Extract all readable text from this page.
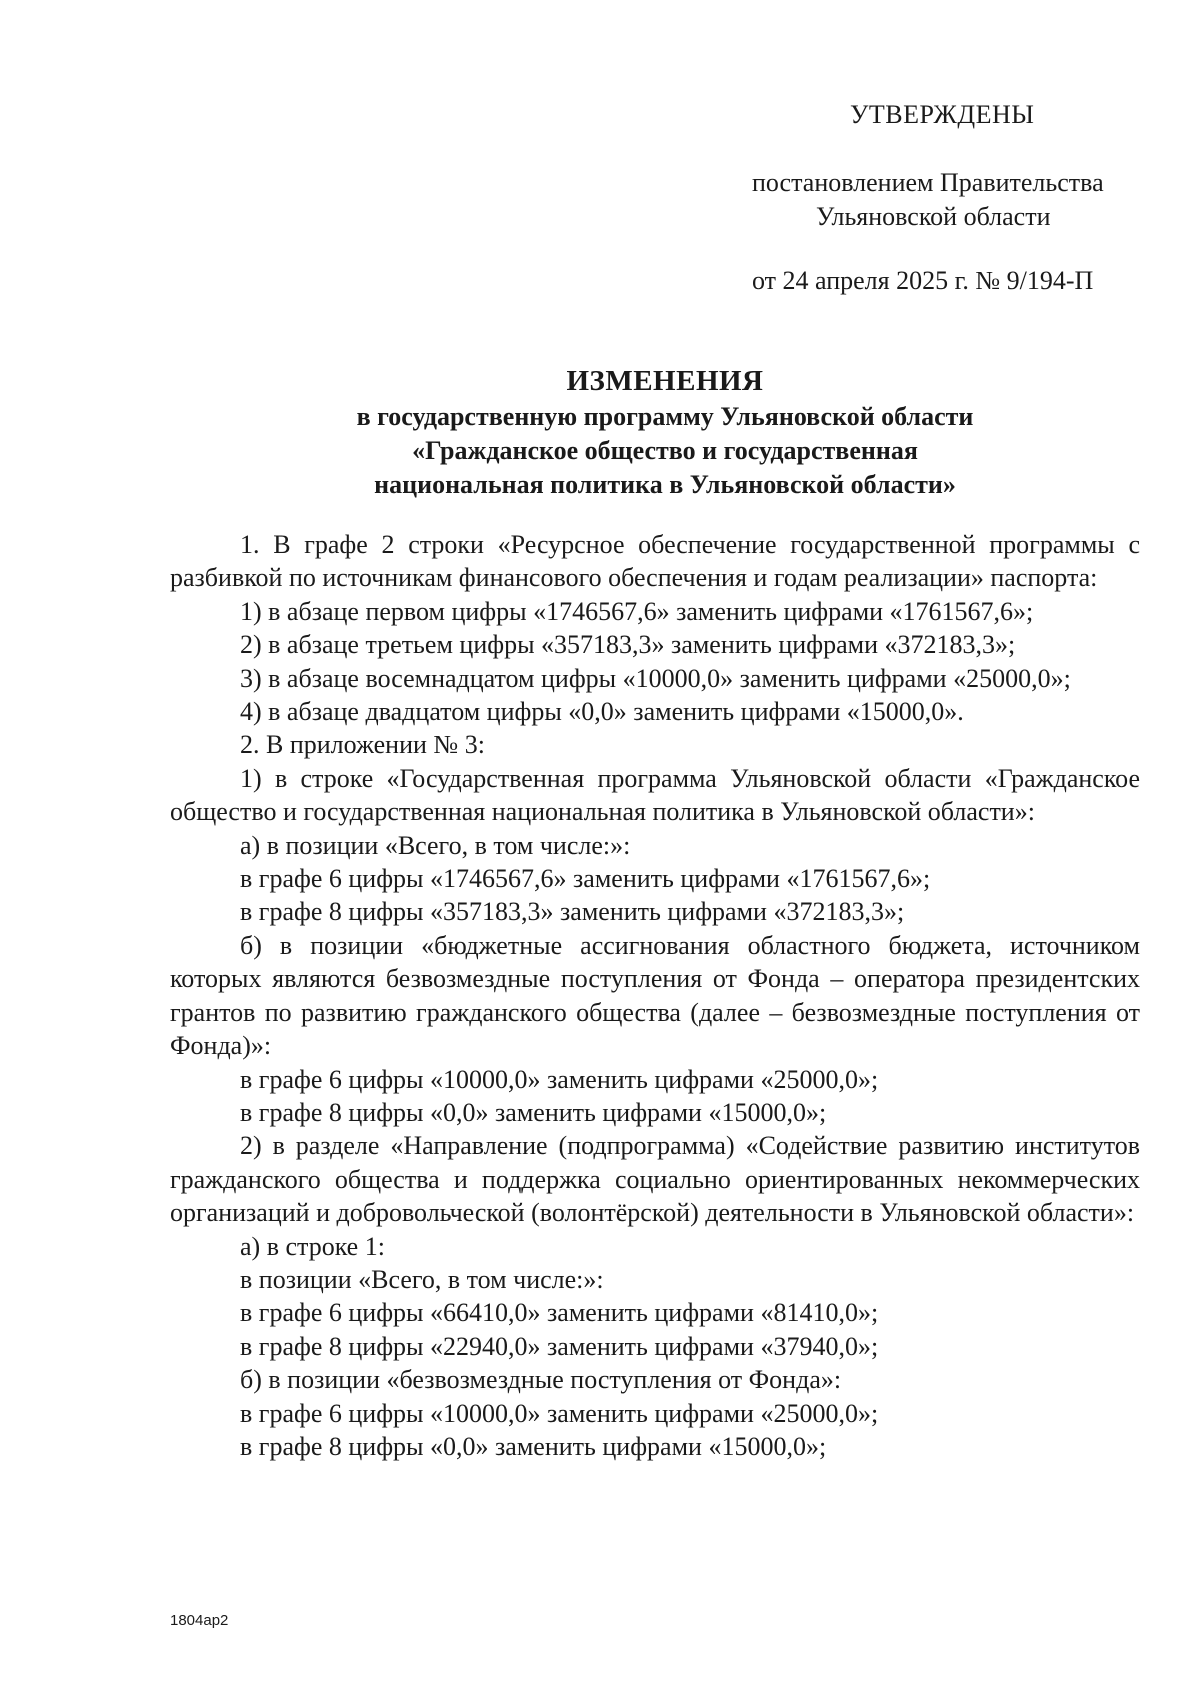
УТВЕРЖДЕНЫ
постановлением Правительства
Ульяновской области
от 24 апреля 2025 г. № 9/194-П
ИЗМЕНЕНИЯ
в государственную программу Ульяновской области
«Гражданское общество и государственная
национальная политика в Ульяновской области»

1. В графе 2 строки «Ресурсное обеспечение государственной программы с разбивкой по источникам финансового обеспечения и годам реализации» паспорта:

1) в абзаце первом цифры «1746567,6» заменить цифрами «1761567,6»;

2) в абзаце третьем цифры «357183,3» заменить цифрами «372183,3»;

3) в абзаце восемнадцатом цифры «10000,0» заменить цифрами «25000,0»;

4) в абзаце двадцатом цифры «0,0» заменить цифрами «15000,0».

2. В приложении № 3:

1) в строке «Государственная программа Ульяновской области «Гражданское общество и государственная национальная политика в Ульяновской области»:

а) в позиции «Всего, в том числе:»:

в графе 6 цифры «1746567,6» заменить цифрами «1761567,6»;

в графе 8 цифры «357183,3» заменить цифрами «372183,3»;

б) в позиции «бюджетные ассигнования областного бюджета, источником которых являются безвозмездные поступления от Фонда – оператора президентских грантов по развитию гражданского общества (далее – безвозмездные поступления от Фонда)»:

в графе 6 цифры «10000,0» заменить цифрами «25000,0»;

в графе 8 цифры «0,0» заменить цифрами «15000,0»;

2) в разделе «Направление (подпрограмма) «Содействие развитию институтов гражданского общества и поддержка социально ориентированных некоммерческих организаций и добровольческой (волонтёрской) деятельности в Ульяновской области»:

а) в строке 1:

в позиции «Всего, в том числе:»:

в графе 6 цифры «66410,0» заменить цифрами «81410,0»;

в графе 8 цифры «22940,0» заменить цифрами «37940,0»;

б) в позиции «безвозмездные поступления от Фонда»:

в графе 6 цифры «10000,0» заменить цифрами «25000,0»;

в графе 8 цифры «0,0» заменить цифрами «15000,0»;

1804ap2
